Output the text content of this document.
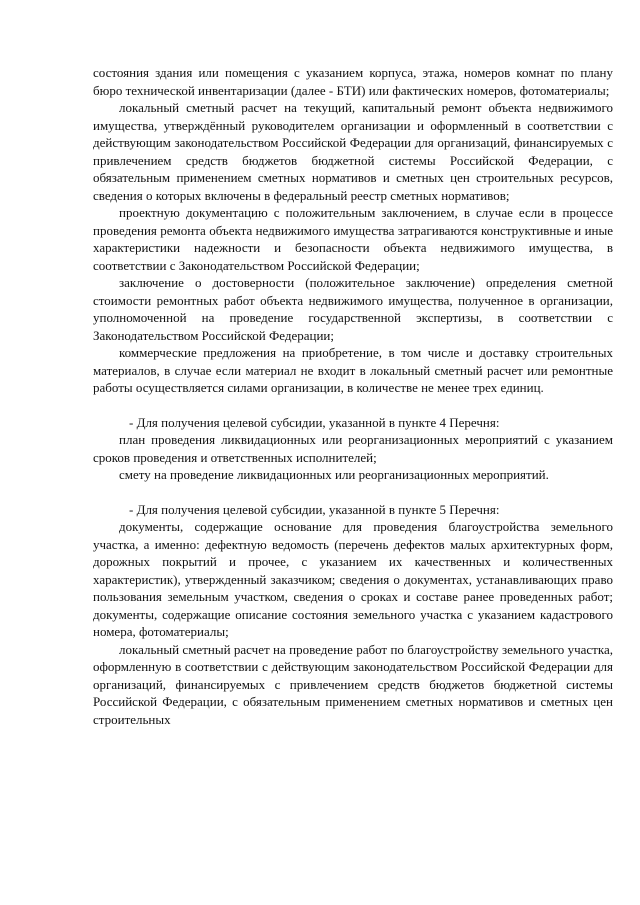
состояния здания или помещения с указанием корпуса, этажа, номеров комнат по плану бюро технической инвентаризации (далее - БТИ) или фактических номеров, фотоматериалы;

локальный сметный расчет на текущий, капитальный ремонт объекта недвижимого имущества, утверждённый руководителем организации и оформленный в соответствии с действующим законодательством Российской Федерации для организаций, финансируемых с привлечением средств бюджетов бюджетной системы Российской Федерации, с обязательным применением сметных нормативов и сметных цен строительных ресурсов, сведения о которых включены в федеральный реестр сметных нормативов;

проектную документацию с положительным заключением, в случае если в процессе проведения ремонта объекта недвижимого имущества затрагиваются конструктивные и иные характеристики надежности и безопасности объекта недвижимого имущества, в соответствии с Законодательством Российской Федерации;

заключение о достоверности (положительное заключение) определения сметной стоимости ремонтных работ объекта недвижимого имущества, полученное в организации, уполномоченной на проведение государственной экспертизы, в соответствии с Законодательством Российской Федерации;

коммерческие предложения на приобретение, в том числе и доставку строительных материалов, в случае если материал не входит в локальный сметный расчет или ремонтные работы осуществляется силами организации, в количестве не менее трех единиц.

- Для получения целевой субсидии, указанной в пункте 4 Перечня:

план проведения ликвидационных или реорганизационных мероприятий с указанием сроков проведения и ответственных исполнителей;

смету на проведение ликвидационных или реорганизационных мероприятий.

- Для получения целевой субсидии, указанной в пункте 5 Перечня:

документы, содержащие основание для проведения благоустройства земельного участка, а именно: дефектную ведомость (перечень дефектов малых архитектурных форм, дорожных покрытий и прочее, с указанием их качественных и количественных характеристик), утвержденный заказчиком; сведения о документах, устанавливающих право пользования земельным участком, сведения о сроках и составе ранее проведенных работ; документы, содержащие описание состояния земельного участка с указанием кадастрового номера, фотоматериалы;

локальный сметный расчет на проведение работ по благоустройству земельного участка, оформленную в соответствии с действующим законодательством Российской Федерации для организаций, финансируемых с привлечением средств бюджетов бюджетной системы Российской Федерации, с обязательным применением сметных нормативов и сметных цен строительных
